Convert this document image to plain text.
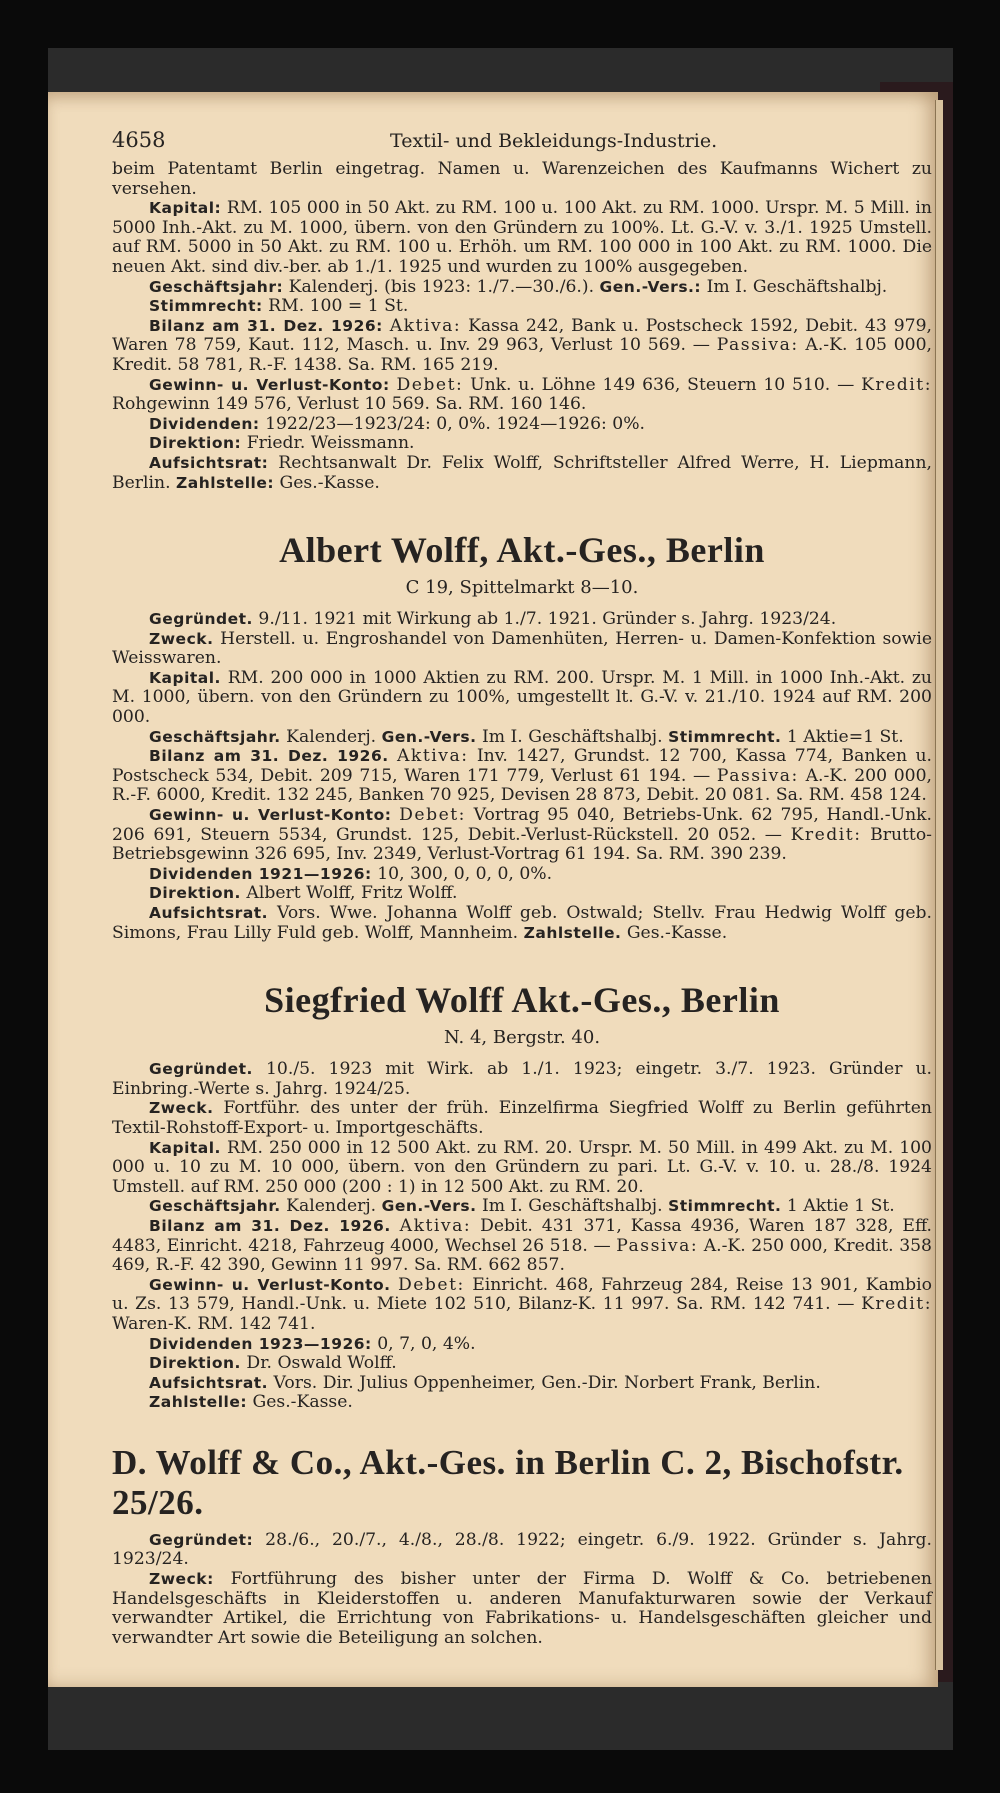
4658	Textil- und Bekleidungs-Industrie.

beim Patentamt Berlin eingetrag. Namen u. Warenzeichen des Kaufmanns Wichert zu versehen.

Kapital: RM. 105 000 in 50 Akt. zu RM. 100 u. 100 Akt. zu RM. 1000. Urspr. M. 5 Mill. in 5000 Inh.-Akt. zu M. 1000, übern. von den Gründern zu 100%. Lt. G.-V. v. 3./1. 1925 Umstell. auf RM. 5000 in 50 Akt. zu RM. 100 u. Erhöh. um RM. 100 000 in 100 Akt. zu RM. 1000. Die neuen Akt. sind div.-ber. ab 1./1. 1925 und wurden zu 100% ausgegeben.

Geschäftsjahr: Kalenderj. (bis 1923: 1./7.—30./6.). Gen.-Vers.: Im I. Geschäftshalbj.

Stimmrecht: RM. 100 = 1 St.

Bilanz am 31. Dez. 1926: Aktiva: Kassa 242, Bank u. Postscheck 1592, Debit. 43 979, Waren 78 759, Kaut. 112, Masch. u. Inv. 29 963, Verlust 10 569. — Passiva: A.-K. 105 000, Kredit. 58 781, R.-F. 1438. Sa. RM. 165 219.

Gewinn- u. Verlust-Konto: Debet: Unk. u. Löhne 149 636, Steuern 10 510. — Kredit: Rohgewinn 149 576, Verlust 10 569. Sa. RM. 160 146.

Dividenden: 1922/23—1923/24: 0, 0%. 1924—1926: 0%.

Direktion: Friedr. Weissmann.

Aufsichtsrat: Rechtsanwalt Dr. Felix Wolff, Schriftsteller Alfred Werre, H. Liepmann, Berlin. Zahlstelle: Ges.-Kasse.

Albert Wolff, Akt.-Ges., Berlin
C 19, Spittelmarkt 8—10.

Gegründet. 9./11. 1921 mit Wirkung ab 1./7. 1921. Gründer s. Jahrg. 1923/24.

Zweck. Herstell. u. Engroshandel von Damenhüten, Herren- u. Damen-Konfektion sowie Weisswaren.

Kapital. RM. 200 000 in 1000 Aktien zu RM. 200. Urspr. M. 1 Mill. in 1000 Inh.-Akt. zu M. 1000, übern. von den Gründern zu 100%, umgestellt lt. G.-V. v. 21./10. 1924 auf RM. 200 000.

Geschäftsjahr. Kalenderj. Gen.-Vers. Im I. Geschäftshalbj. Stimmrecht. 1 Aktie=1 St.

Bilanz am 31. Dez. 1926. Aktiva: Inv. 1427, Grundst. 12 700, Kassa 774, Banken u. Postscheck 534, Debit. 209 715, Waren 171 779, Verlust 61 194. — Passiva: A.-K. 200 000, R.-F. 6000, Kredit. 132 245, Banken 70 925, Devisen 28 873, Debit. 20 081. Sa. RM. 458 124.

Gewinn- u. Verlust-Konto: Debet: Vortrag 95 040, Betriebs-Unk. 62 795, Handl.-Unk. 206 691, Steuern 5534, Grundst. 125, Debit.-Verlust-Rückstell. 20 052. — Kredit: Brutto-Betriebsgewinn 326 695, Inv. 2349, Verlust-Vortrag 61 194. Sa. RM. 390 239.

Dividenden 1921—1926: 10, 300, 0, 0, 0, 0%.

Direktion. Albert Wolff, Fritz Wolff.

Aufsichtsrat. Vors. Wwe. Johanna Wolff geb. Ostwald; Stellv. Frau Hedwig Wolff geb. Simons, Frau Lilly Fuld geb. Wolff, Mannheim. Zahlstelle. Ges.-Kasse.

Siegfried Wolff Akt.-Ges., Berlin
N. 4, Bergstr. 40.

Gegründet. 10./5. 1923 mit Wirk. ab 1./1. 1923; eingetr. 3./7. 1923. Gründer u. Einbring.-Werte s. Jahrg. 1924/25.

Zweck. Fortführ. des unter der früh. Einzelfirma Siegfried Wolff zu Berlin geführten Textil-Rohstoff-Export- u. Importgeschäfts.

Kapital. RM. 250 000 in 12 500 Akt. zu RM. 20. Urspr. M. 50 Mill. in 499 Akt. zu M. 100 000 u. 10 zu M. 10 000, übern. von den Gründern zu pari. Lt. G.-V. v. 10. u. 28./8. 1924 Umstell. auf RM. 250 000 (200 : 1) in 12 500 Akt. zu RM. 20.

Geschäftsjahr. Kalenderj. Gen.-Vers. Im I. Geschäftshalbj. Stimmrecht. 1 Aktie 1 St.

Bilanz am 31. Dez. 1926. Aktiva: Debit. 431 371, Kassa 4936, Waren 187 328, Eff. 4483, Einricht. 4218, Fahrzeug 4000, Wechsel 26 518. — Passiva: A.-K. 250 000, Kredit. 358 469, R.-F. 42 390, Gewinn 11 997. Sa. RM. 662 857.

Gewinn- u. Verlust-Konto. Debet: Einricht. 468, Fahrzeug 284, Reise 13 901, Kambio u. Zs. 13 579, Handl.-Unk. u. Miete 102 510, Bilanz-K. 11 997. Sa. RM. 142 741. — Kredit: Waren-K. RM. 142 741.

Dividenden 1923—1926: 0, 7, 0, 4%.

Direktion. Dr. Oswald Wolff.

Aufsichtsrat. Vors. Dir. Julius Oppenheimer, Gen.-Dir. Norbert Frank, Berlin.

Zahlstelle: Ges.-Kasse.

D. Wolff & Co., Akt.-Ges. in Berlin C. 2, Bischofstr. 25/26.

Gegründet: 28./6., 20./7., 4./8., 28./8. 1922; eingetr. 6./9. 1922. Gründer s. Jahrg. 1923/24.

Zweck: Fortführung des bisher unter der Firma D. Wolff & Co. betriebenen Handelsgeschäfts in Kleiderstoffen u. anderen Manufakturwaren sowie der Verkauf verwandter Artikel, die Errichtung von Fabrikations- u. Handelsgeschäften gleicher und verwandter Art sowie die Beteiligung an solchen.
